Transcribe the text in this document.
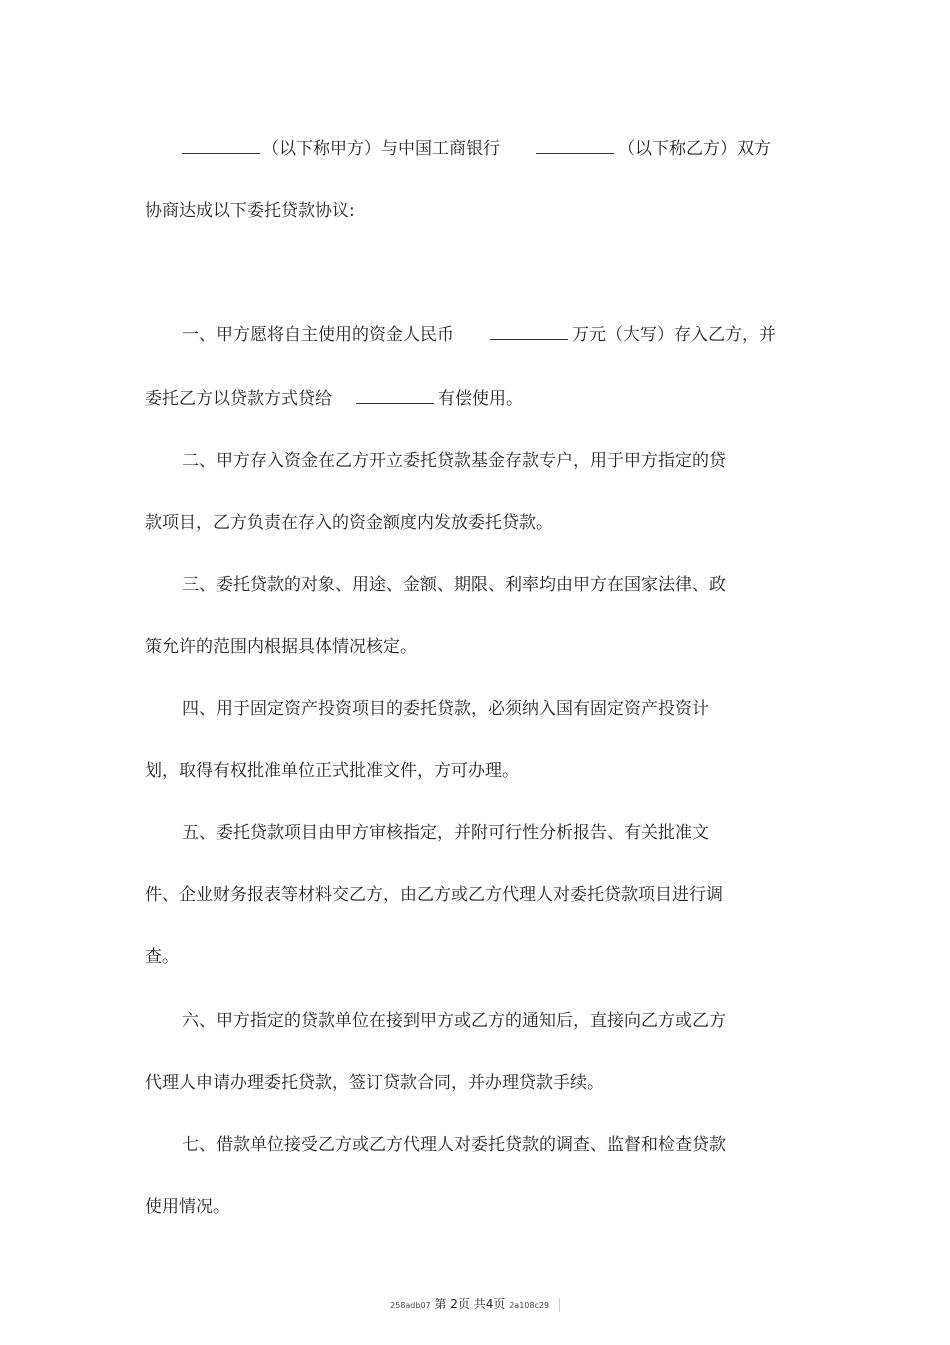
（以下称甲方）与中国工商银行	（以下称乙方）双方
协商达成以下委托贷款协议:
一、甲方愿将自主使用的资金人民币	万元（大写）存入乙方，并
委托乙方以贷款方式贷给	有偿使用。
二、甲方存入资金在乙方开立委托贷款基金存款专户，用于甲方指定的贷
款项目，乙方负责在存入的资金额度内发放委托贷款。
三、委托贷款的对象、用途、金额、期限、利率均由甲方在国家法律、政
策允许的范围内根据具体情况核定。
四、用于固定资产投资项目的委托贷款，必须纳入国有固定资产投资计
划，取得有权批准单位正式批准文件，方可办理。
五、委托贷款项目由甲方审核指定，并附可行性分析报告、有关批准文
件、企业财务报表等材料交乙方，由乙方或乙方代理人对委托贷款项目进行调
查。
六、甲方指定的贷款单位在接到甲方或乙方的通知后，直接向乙方或乙方
代理人申请办理委托贷款，签订贷款合同，并办理贷款手续。
七、借款单位接受乙方或乙方代理人对委托贷款的调查、监督和检查贷款
使用情况。
258adb07 第 2页 共4页 2a108c29
